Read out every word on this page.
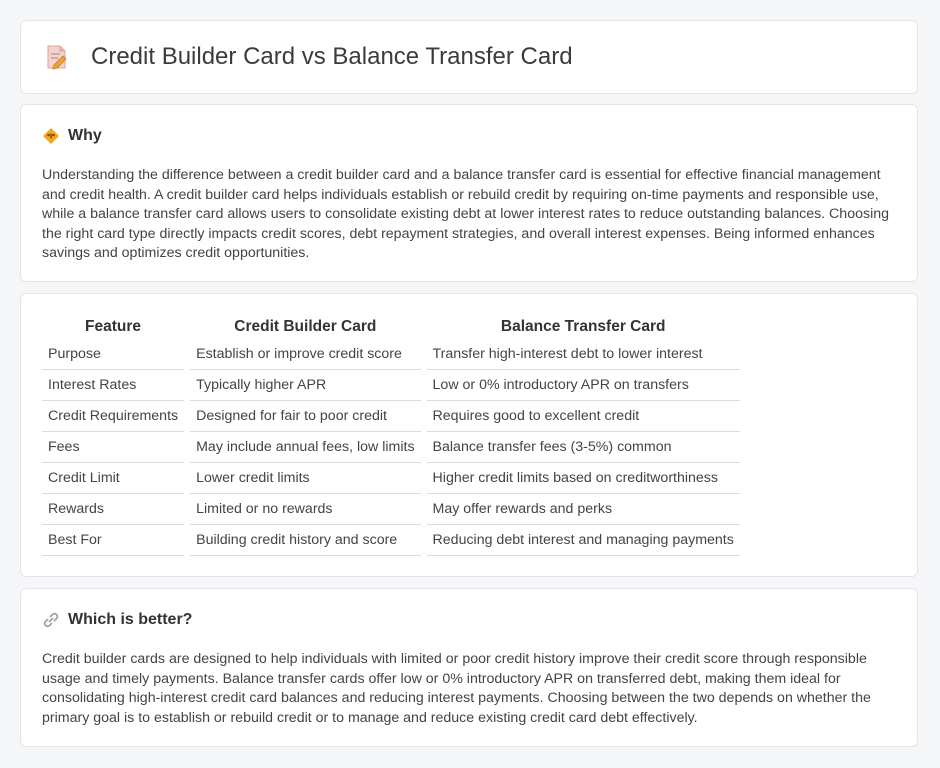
Credit Builder Card vs Balance Transfer Card
Why
Understanding the difference between a credit builder card and a balance transfer card is essential for effective financial management and credit health. A credit builder card helps individuals establish or rebuild credit by requiring on-time payments and responsible use, while a balance transfer card allows users to consolidate existing debt at lower interest rates to reduce outstanding balances. Choosing the right card type directly impacts credit scores, debt repayment strategies, and overall interest expenses. Being informed enhances savings and optimizes credit opportunities.
Feature	Credit Builder Card	Balance Transfer Card
Purpose	Establish or improve credit score	Transfer high-interest debt to lower interest
Interest Rates	Typically higher APR	Low or 0% introductory APR on transfers
Credit Requirements	Designed for fair to poor credit	Requires good to excellent credit
Fees	May include annual fees, low limits	Balance transfer fees (3-5%) common
Credit Limit	Lower credit limits	Higher credit limits based on creditworthiness
Rewards	Limited or no rewards	May offer rewards and perks
Best For	Building credit history and score	Reducing debt interest and managing payments
Which is better?
Credit builder cards are designed to help individuals with limited or poor credit history improve their credit score through responsible usage and timely payments. Balance transfer cards offer low or 0% introductory APR on transferred debt, making them ideal for consolidating high-interest credit card balances and reducing interest payments. Choosing between the two depends on whether the primary goal is to establish or rebuild credit or to manage and reduce existing credit card debt effectively.
